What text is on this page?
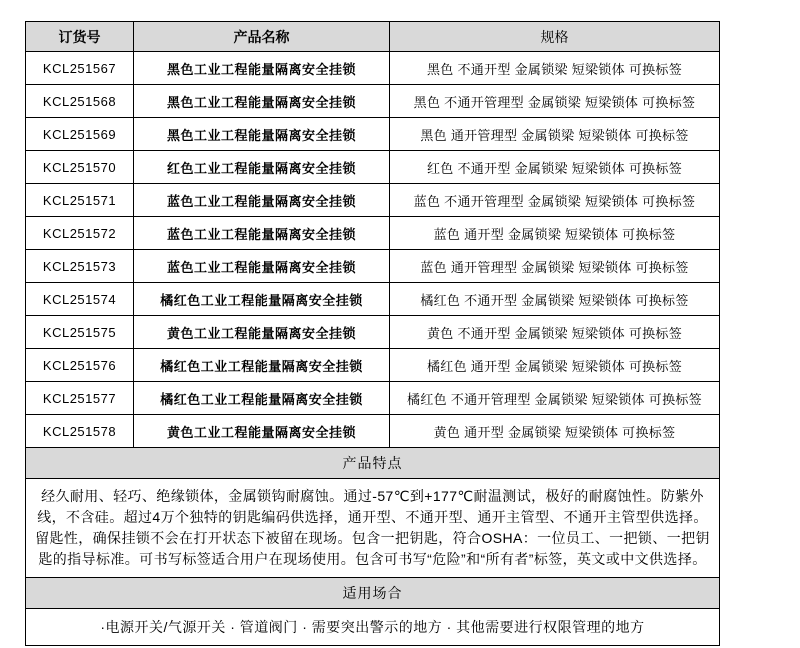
订货号	产品名称	规格
KCL251567	黑色工业工程能量隔离安全挂锁	黑色 不通开型 金属锁梁 短梁锁体 可换标签
KCL251568	黑色工业工程能量隔离安全挂锁	黑色 不通开管理型 金属锁梁 短梁锁体 可换标签
KCL251569	黑色工业工程能量隔离安全挂锁	黑色 通开管理型 金属锁梁 短梁锁体 可换标签
KCL251570	红色工业工程能量隔离安全挂锁	红色 不通开型 金属锁梁 短梁锁体 可换标签
KCL251571	蓝色工业工程能量隔离安全挂锁	蓝色 不通开管理型 金属锁梁 短梁锁体 可换标签
KCL251572	蓝色工业工程能量隔离安全挂锁	蓝色 通开型 金属锁梁 短梁锁体 可换标签
KCL251573	蓝色工业工程能量隔离安全挂锁	蓝色 通开管理型 金属锁梁 短梁锁体 可换标签
KCL251574	橘红色工业工程能量隔离安全挂锁	橘红色 不通开型 金属锁梁 短梁锁体 可换标签
KCL251575	黄色工业工程能量隔离安全挂锁	黄色 不通开型 金属锁梁 短梁锁体 可换标签
KCL251576	橘红色工业工程能量隔离安全挂锁	橘红色 通开型 金属锁梁 短梁锁体 可换标签
KCL251577	橘红色工业工程能量隔离安全挂锁	橘红色 不通开管理型 金属锁梁 短梁锁体 可换标签
KCL251578	黄色工业工程能量隔离安全挂锁	黄色 通开型 金属锁梁 短梁锁体 可换标签
产品特点		
经久耐用、轻巧、绝缘锁体，金属锁钩耐腐蚀。通过-57℃到+177℃耐温测试，极好的耐腐蚀性。防紫外线，不含硅。超过4万个独特的钥匙编码供选择，通开型、不通开型、通开主管型、不通开主管型供选择。留匙性，确保挂锁不会在打开状态下被留在现场。包含一把钥匙，符合OSHA：一位员工、一把锁、一把钥匙的指导标准。可书写标签适合用户在现场使用。包含可书写“危险”和“所有者”标签，英文或中文供选择。		
适用场合		
·电源开关/气源开关 · 管道阀门 · 需要突出警示的地方 · 其他需要进行权限管理的地方		
